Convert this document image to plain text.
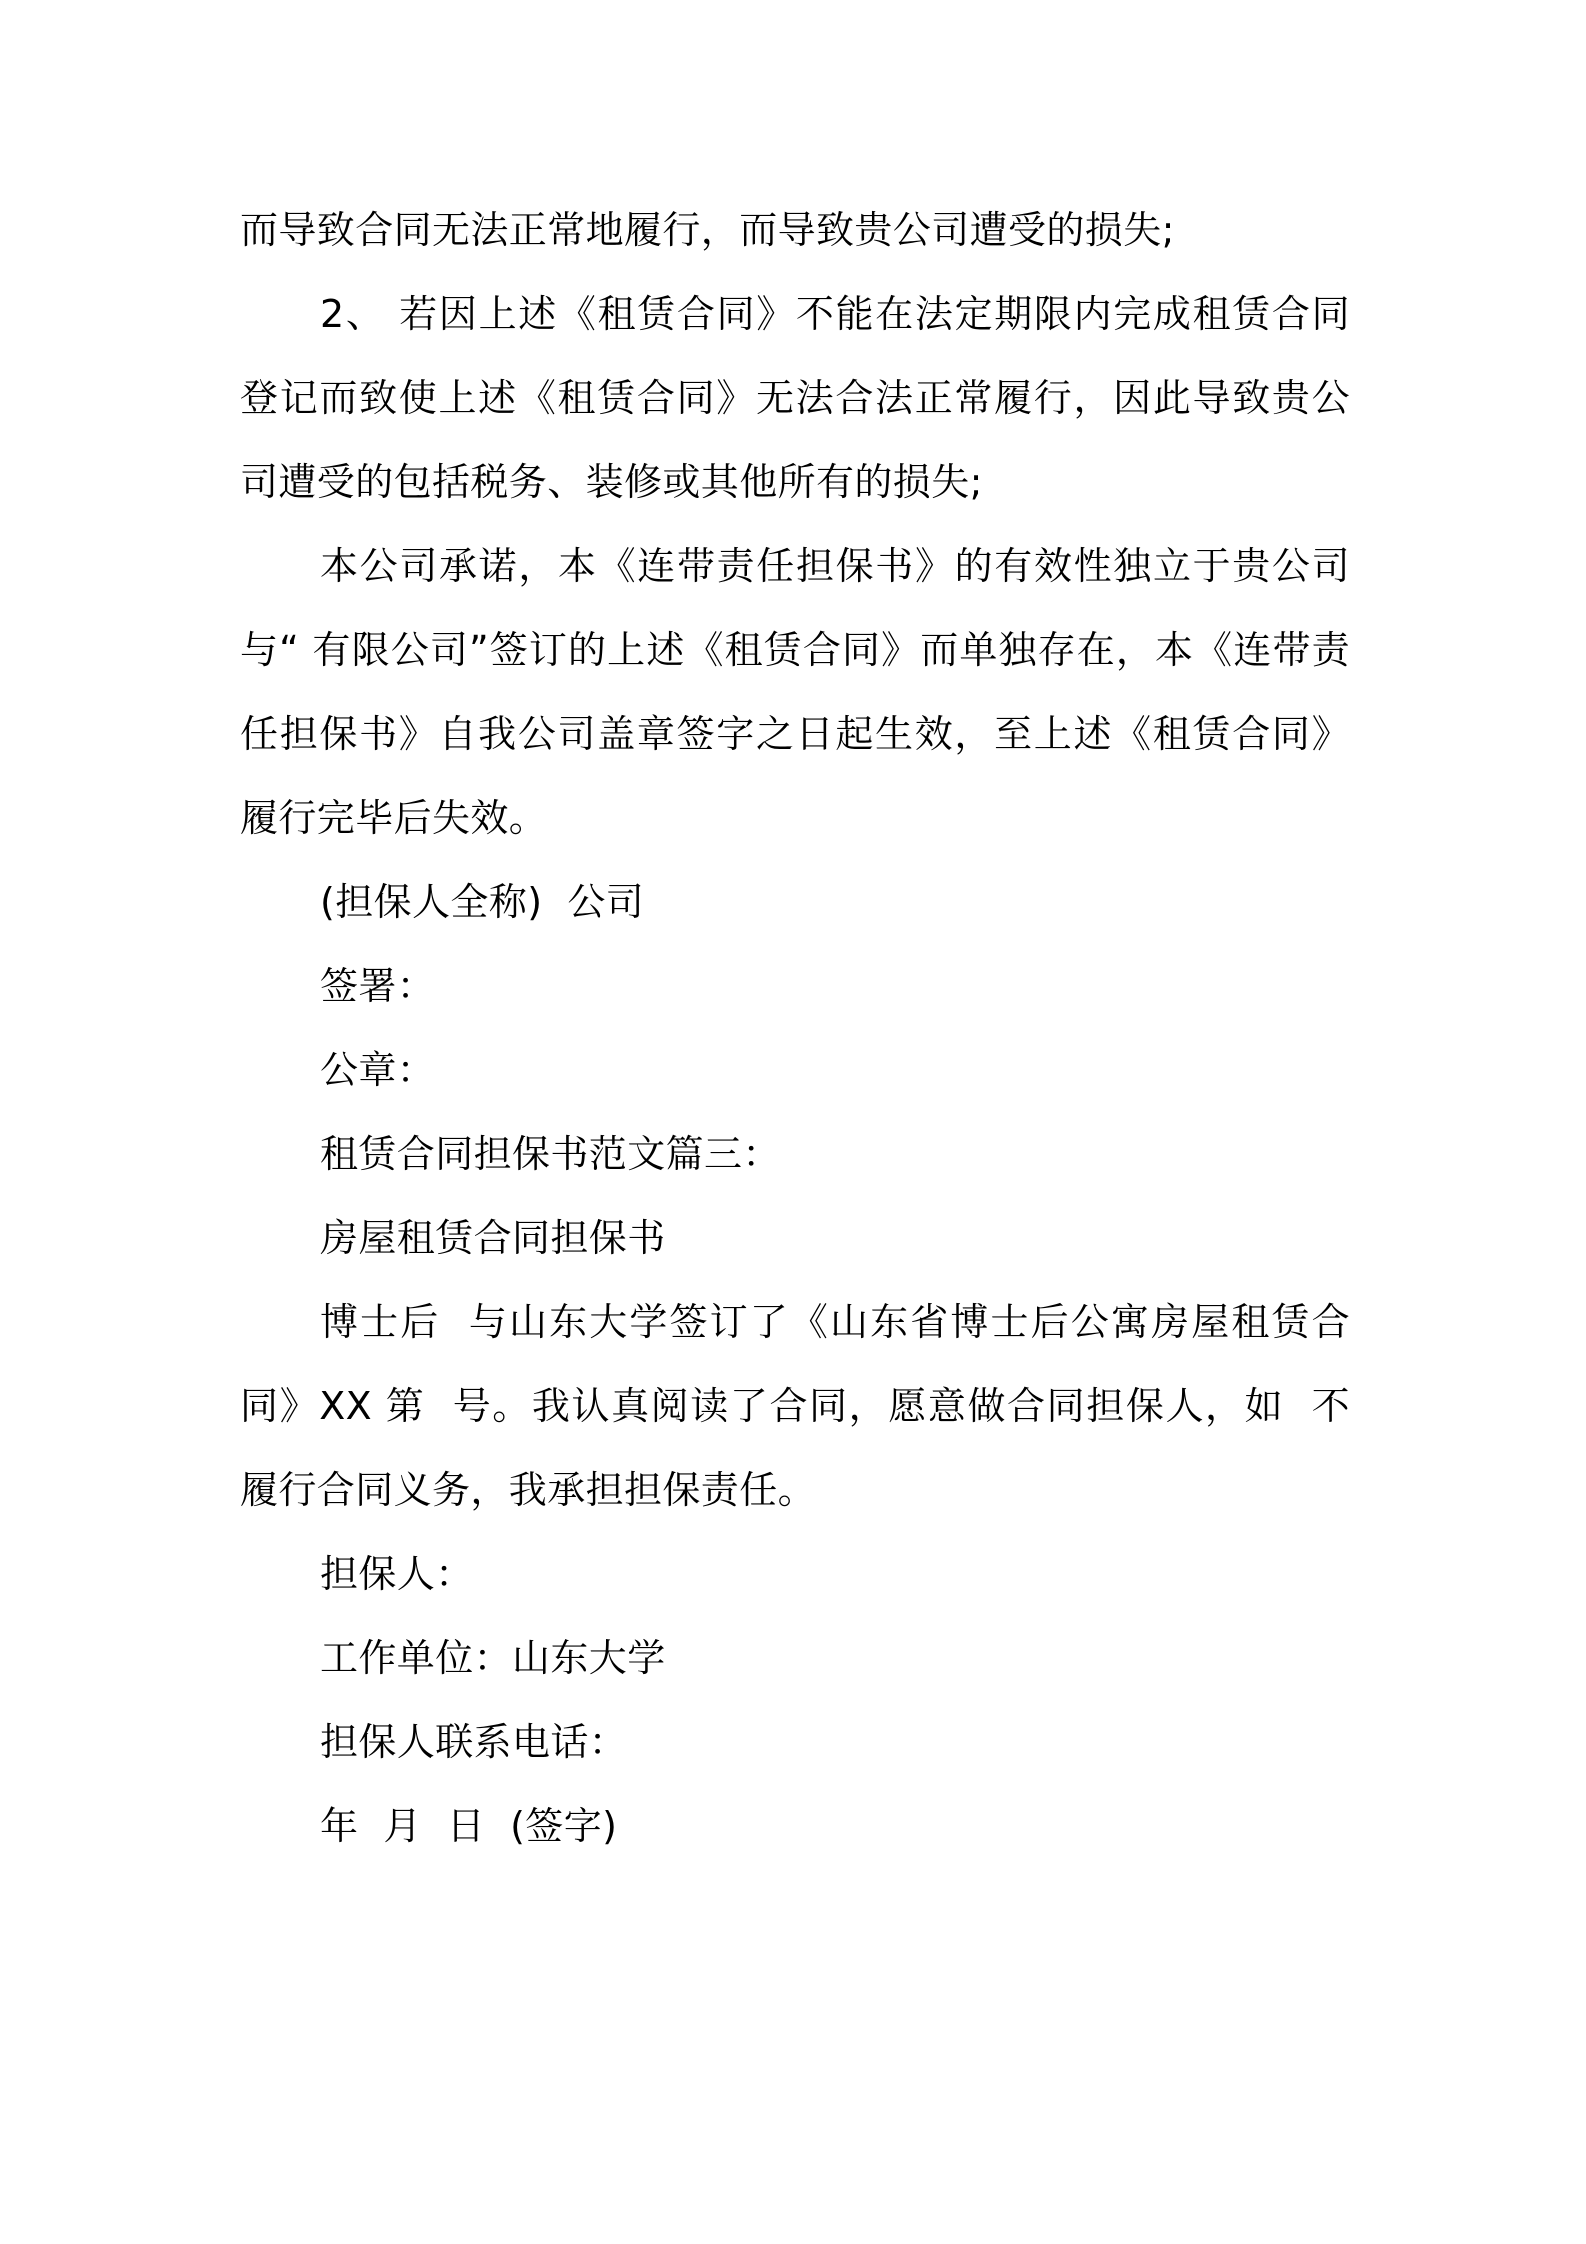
而导致合同无法正常地履行，而导致贵公司遭受的损失;

2、 若因上述《租赁合同》不能在法定期限内完成租赁合同登记而致使上述《租赁合同》无法合法正常履行，因此导致贵公司遭受的包括税务、装修或其他所有的损失;

本公司承诺，本《连带责任担保书》的有效性独立于贵公司与“ 有限公司”签订的上述《租赁合同》而单独存在，本《连带责任担保书》自我公司盖章签字之日起生效，至上述《租赁合同》履行完毕后失效。

(担保人全称)  公司
签署：
公章：
租赁合同担保书范文篇三：
房屋租赁合同担保书

博士后  与山东大学签订了《山东省博士后公寓房屋租赁合同》XX 第  号。我认真阅读了合同，愿意做合同担保人，如  不履行合同义务，我承担担保责任。

担保人：
工作单位：山东大学
担保人联系电话：
年  月  日  (签字)
